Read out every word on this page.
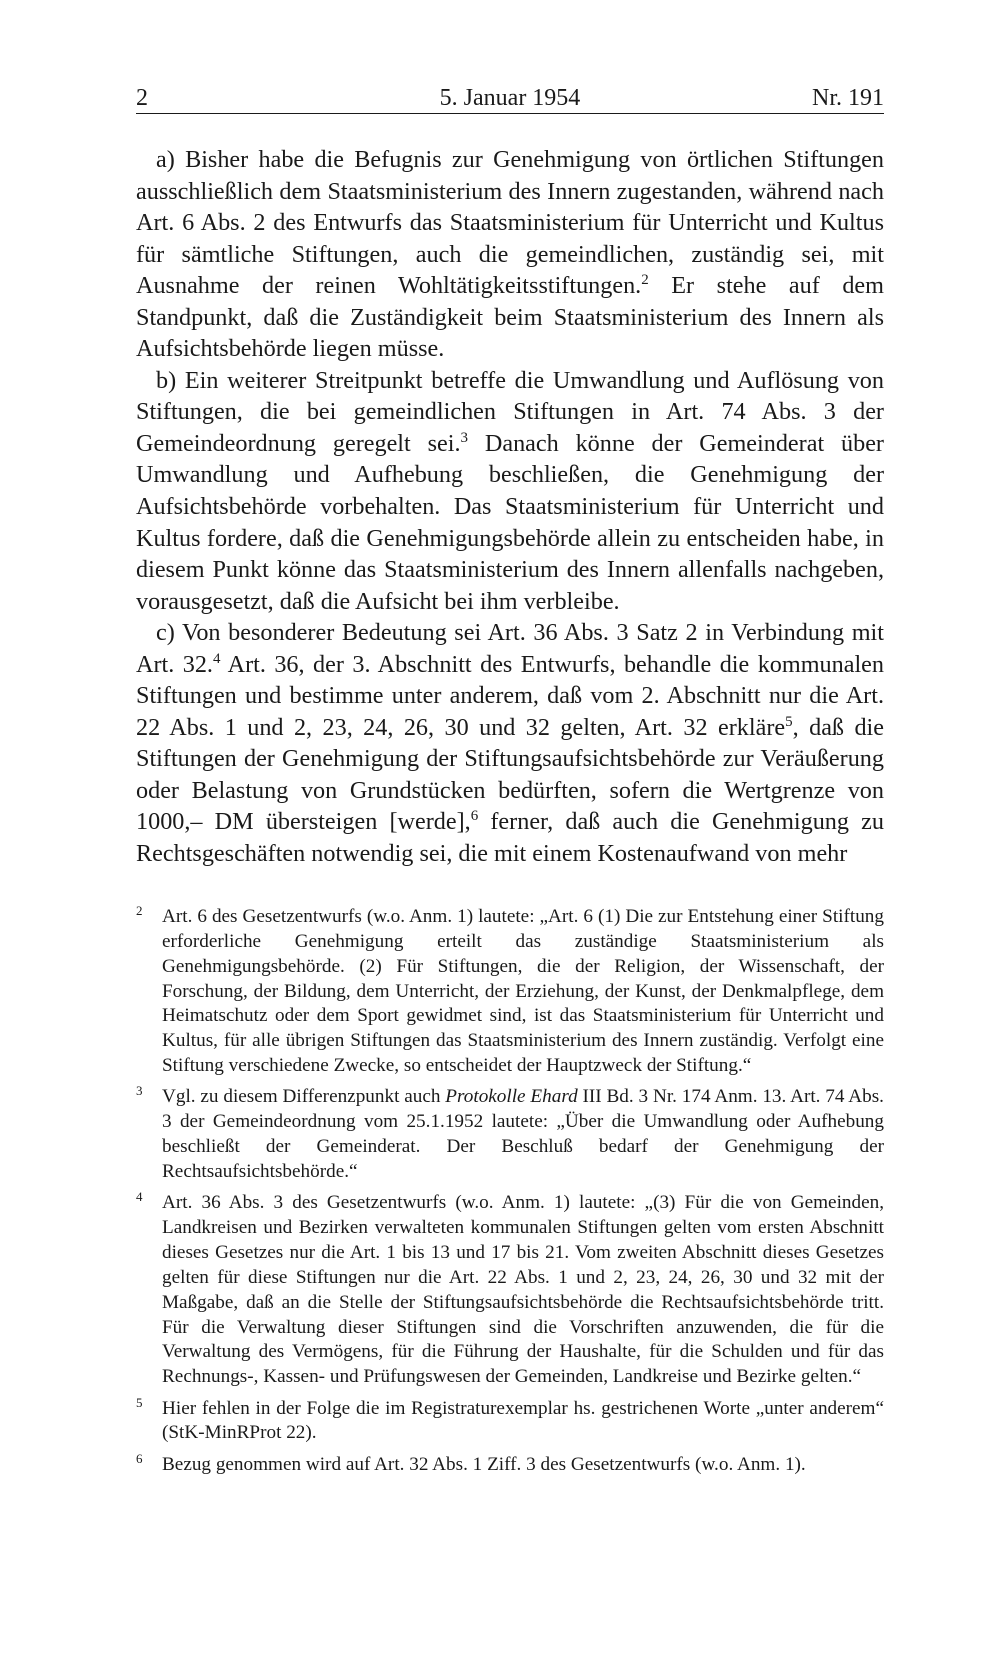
2	5. Januar 1954	Nr. 191

a) Bisher habe die Befugnis zur Genehmigung von örtlichen Stiftungen ausschließlich dem Staatsministerium des Innern zugestanden, während nach Art. 6 Abs. 2 des Entwurfs das Staatsministerium für Unterricht und Kultus für sämtliche Stiftungen, auch die gemeindlichen, zuständig sei, mit Ausnahme der reinen Wohltätigkeitsstiftungen.$^2$ Er stehe auf dem Standpunkt, daß die Zuständigkeit beim Staatsministerium des Innern als Aufsichtsbehörde liegen müsse.

b) Ein weiterer Streitpunkt betreffe die Umwandlung und Auflösung von Stiftungen, die bei gemeindlichen Stiftungen in Art. 74 Abs. 3 der Gemeindeordnung geregelt sei.$^3$ Danach könne der Gemeinderat über Umwandlung und Aufhebung beschließen, die Genehmigung der Aufsichtsbehörde vorbehalten. Das Staatsministerium für Unterricht und Kultus fordere, daß die Genehmigungsbehörde allein zu entscheiden habe, in diesem Punkt könne das Staatsministerium des Innern allenfalls nachgeben, vorausgesetzt, daß die Aufsicht bei ihm verbleibe.

c) Von besonderer Bedeutung sei Art. 36 Abs. 3 Satz 2 in Verbindung mit Art. 32.$^4$ Art. 36, der 3. Abschnitt des Entwurfs, behandle die kommunalen Stiftungen und bestimme unter anderem, daß vom 2. Abschnitt nur die Art. 22 Abs. 1 und 2, 23, 24, 26, 30 und 32 gelten, Art. 32 erkläre$^5$, daß die Stiftungen der Genehmigung der Stiftungsaufsichtsbehörde zur Veräußerung oder Belastung von Grundstücken bedürften, sofern die Wertgrenze von 1000,– DM übersteigen [werde],$^6$ ferner, daß auch die Genehmigung zu Rechtsgeschäften notwendig sei, die mit einem Kostenaufwand von mehr

2 Art. 6 des Gesetzentwurfs (w.o. Anm. 1) lautete: „Art. 6 (1) Die zur Entstehung einer Stiftung erforderliche Genehmigung erteilt das zuständige Staatsministerium als Genehmigungsbehörde. (2) Für Stiftungen, die der Religion, der Wissenschaft, der Forschung, der Bildung, dem Unterricht, der Erziehung, der Kunst, der Denkmalpflege, dem Heimatschutz oder dem Sport gewidmet sind, ist das Staatsministerium für Unterricht und Kultus, für alle übrigen Stiftungen das Staatsministerium des Innern zuständig. Verfolgt eine Stiftung verschiedene Zwecke, so entscheidet der Hauptzweck der Stiftung.“
3 Vgl. zu diesem Differenzpunkt auch Protokolle Ehard III Bd. 3 Nr. 174 Anm. 13. Art. 74 Abs. 3 der Gemeindeordnung vom 25.1.1952 lautete: „Über die Umwandlung oder Aufhebung beschließt der Gemeinderat. Der Beschluß bedarf der Genehmigung der Rechtsaufsichtsbehörde.“
4 Art. 36 Abs. 3 des Gesetzentwurfs (w.o. Anm. 1) lautete: „(3) Für die von Gemeinden, Landkreisen und Bezirken verwalteten kommunalen Stiftungen gelten vom ersten Abschnitt dieses Gesetzes nur die Art. 1 bis 13 und 17 bis 21. Vom zweiten Abschnitt dieses Gesetzes gelten für diese Stiftungen nur die Art. 22 Abs. 1 und 2, 23, 24, 26, 30 und 32 mit der Maßgabe, daß an die Stelle der Stiftungsaufsichtsbehörde die Rechtsaufsichtsbehörde tritt. Für die Verwaltung dieser Stiftungen sind die Vorschriften anzuwenden, die für die Verwaltung des Vermögens, für die Führung der Haushalte, für die Schulden und für das Rechnungs-, Kassen- und Prüfungswesen der Gemeinden, Landkreise und Bezirke gelten.“
5 Hier fehlen in der Folge die im Registraturexemplar hs. gestrichenen Worte „unter anderem“ (StK-MinRProt 22).
6 Bezug genommen wird auf Art. 32 Abs. 1 Ziff. 3 des Gesetzentwurfs (w.o. Anm. 1).
